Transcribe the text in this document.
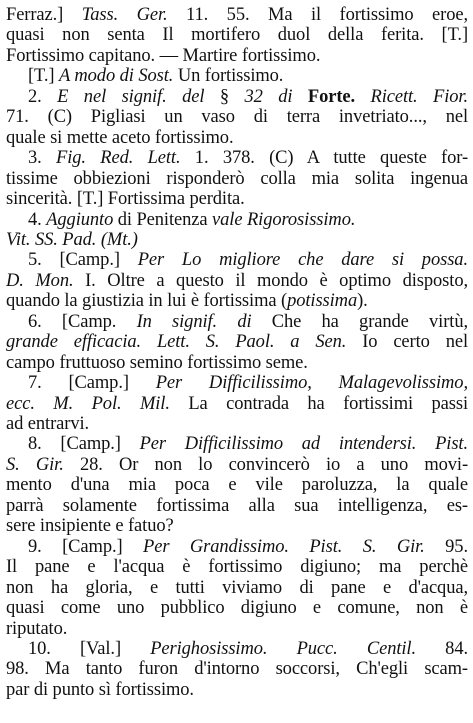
Ferraz.] Tass. Ger. 11. 55. Ma il fortissimo eroe,
quasi non senta Il mortifero duol della ferita. [T.]
Fortissimo capitano. — Martire fortissimo.
[T.] A modo di Sost. Un fortissimo.
2. E nel signif. del § 32 di Forte. Ricett. Fior.
71. (C) Pigliasi un vaso di terra invetriato..., nel
quale si mette aceto fortissimo.
3. Fig. Red. Lett. 1. 378. (C) A tutte queste for-
tissime obbiezioni risponderò colla mia solita ingenua
sincerità. [T.] Fortissima perdita.
4. Aggiunto di Penitenza vale Rigorosissimo.
Vit. SS. Pad. (Mt.)
5. [Camp.] Per Lo migliore che dare si possa.
D. Mon. I. Oltre a questo il mondo è optimo disposto,
quando la giustizia in lui è fortissima (potissima).
6. [Camp. In signif. di Che ha grande virtù,
grande efficacia. Lett. S. Paol. a Sen. Io certo nel
campo fruttuoso semino fortissimo seme.
7. [Camp.] Per Difficilissimo, Malagevolissimo,
ecc. M. Pol. Mil. La contrada ha fortissimi passi
ad entrarvi.
8. [Camp.] Per Difficilissimo ad intendersi. Pist.
S. Gir. 28. Or non lo convincerò io a uno movi-
mento d'una mia poca e vile paroluzza, la quale
parrà solamente fortissima alla sua intelligenza, es-
sere insipiente e fatuo?
9. [Camp.] Per Grandissimo. Pist. S. Gir. 95.
Il pane e l'acqua è fortissimo digiuno; ma perchè
non ha gloria, e tutti viviamo di pane e d'acqua,
quasi come uno pubblico digiuno e comune, non è
riputato.
10. [Val.] Perighosissimo. Pucc. Centil. 84.
98. Ma tanto furon d'intorno soccorsi, Ch'egli scam-
par di punto sì fortissimo.
